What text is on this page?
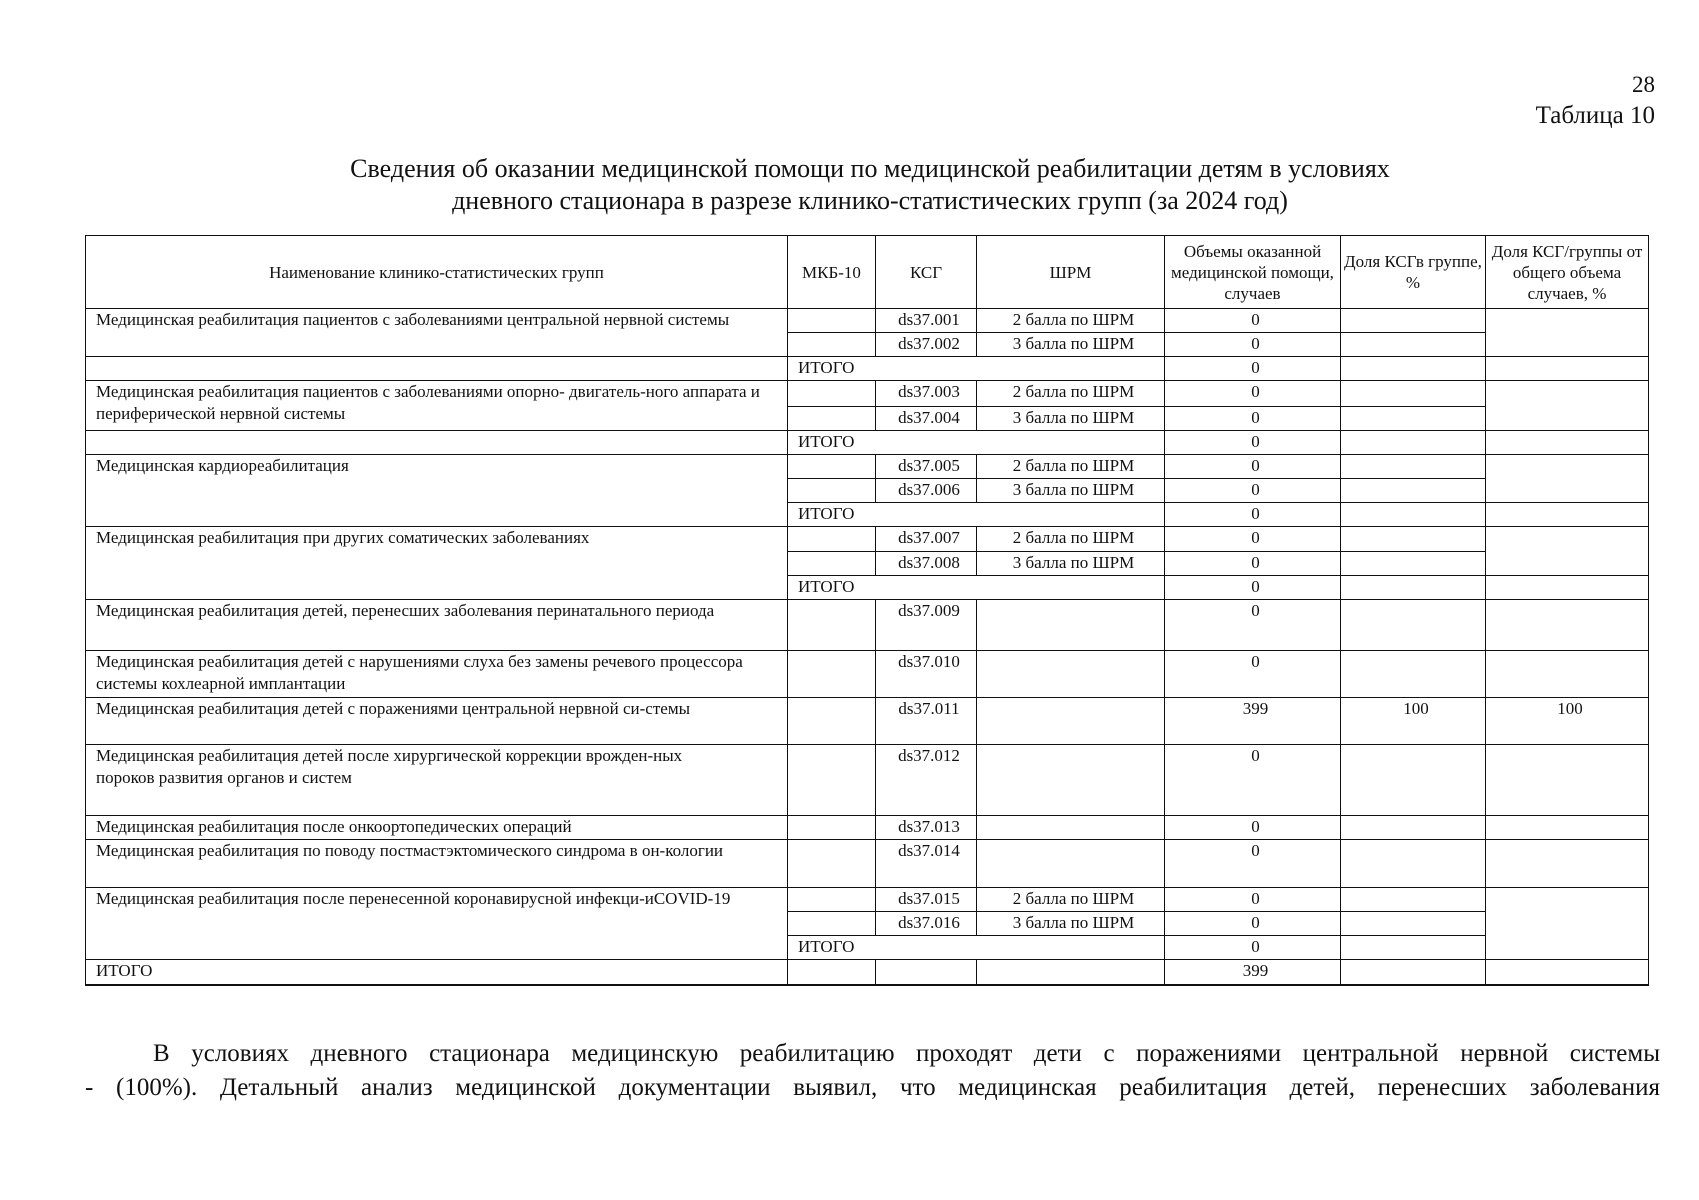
28
Таблица 10
Сведения об оказании медицинской помощи по медицинской реабилитации детям в условиях
дневного стационара в разрезе клинико-статистических групп (за 2024 год)
Наименование клинико-статистических групп	МКБ-10	КСГ	ШРМ	Объемы оказанной медицинской помощи, случаев	Доля КСГв группе, %	Доля КСГ/группы от общего объема случаев, %
Медицинская реабилитация пациентов с заболеваниями центральной нервной системы		ds37.001	2 балла по ШРМ	0		
		ds37.002	3 балла по ШРМ	0		
	ИТОГО			0		
Медицинская реабилитация пациентов с заболеваниями опорно- двигатель-ного аппарата и периферической нервной системы		ds37.003	2 балла по ШРМ	0		
		ds37.004	3 балла по ШРМ	0		
	ИТОГО			0		
Медицинская кардиореабилитация		ds37.005	2 балла по ШРМ	0		
		ds37.006	3 балла по ШРМ	0		
	ИТОГО			0		
Медицинская реабилитация при других соматических заболеваниях		ds37.007	2 балла по ШРМ	0		
		ds37.008	3 балла по ШРМ	0		
	ИТОГО			0		
Медицинская реабилитация детей, перенесших заболевания перинатального периода		ds37.009		0		
Медицинская реабилитация детей с нарушениями слуха без замены речевого процессора системы кохлеарной имплантации		ds37.010		0		
Медицинская реабилитация детей с поражениями центральной нервной си-стемы		ds37.011		399	100	100
Медицинская реабилитация детей после хирургической коррекции врожден-ных
пороков развития органов и систем		ds37.012		0		
Медицинская реабилитация после онкоортопедических операций		ds37.013		0		
Медицинская реабилитация по поводу постмастэктомического синдрома в он-кологии		ds37.014		0		
Медицинская реабилитация после перенесенной коронавирусной инфекци-иCOVID-19		ds37.015	2 балла по ШРМ	0		
		ds37.016	3 балла по ШРМ	0		
	ИТОГО			0		
ИТОГО				399		
В условиях дневного стационара медицинскую реабилитацию проходят дети с поражениями центральной нервной системы
- (100%). Детальный анализ медицинской документации выявил, что медицинская реабилитация детей, перенесших заболевания
